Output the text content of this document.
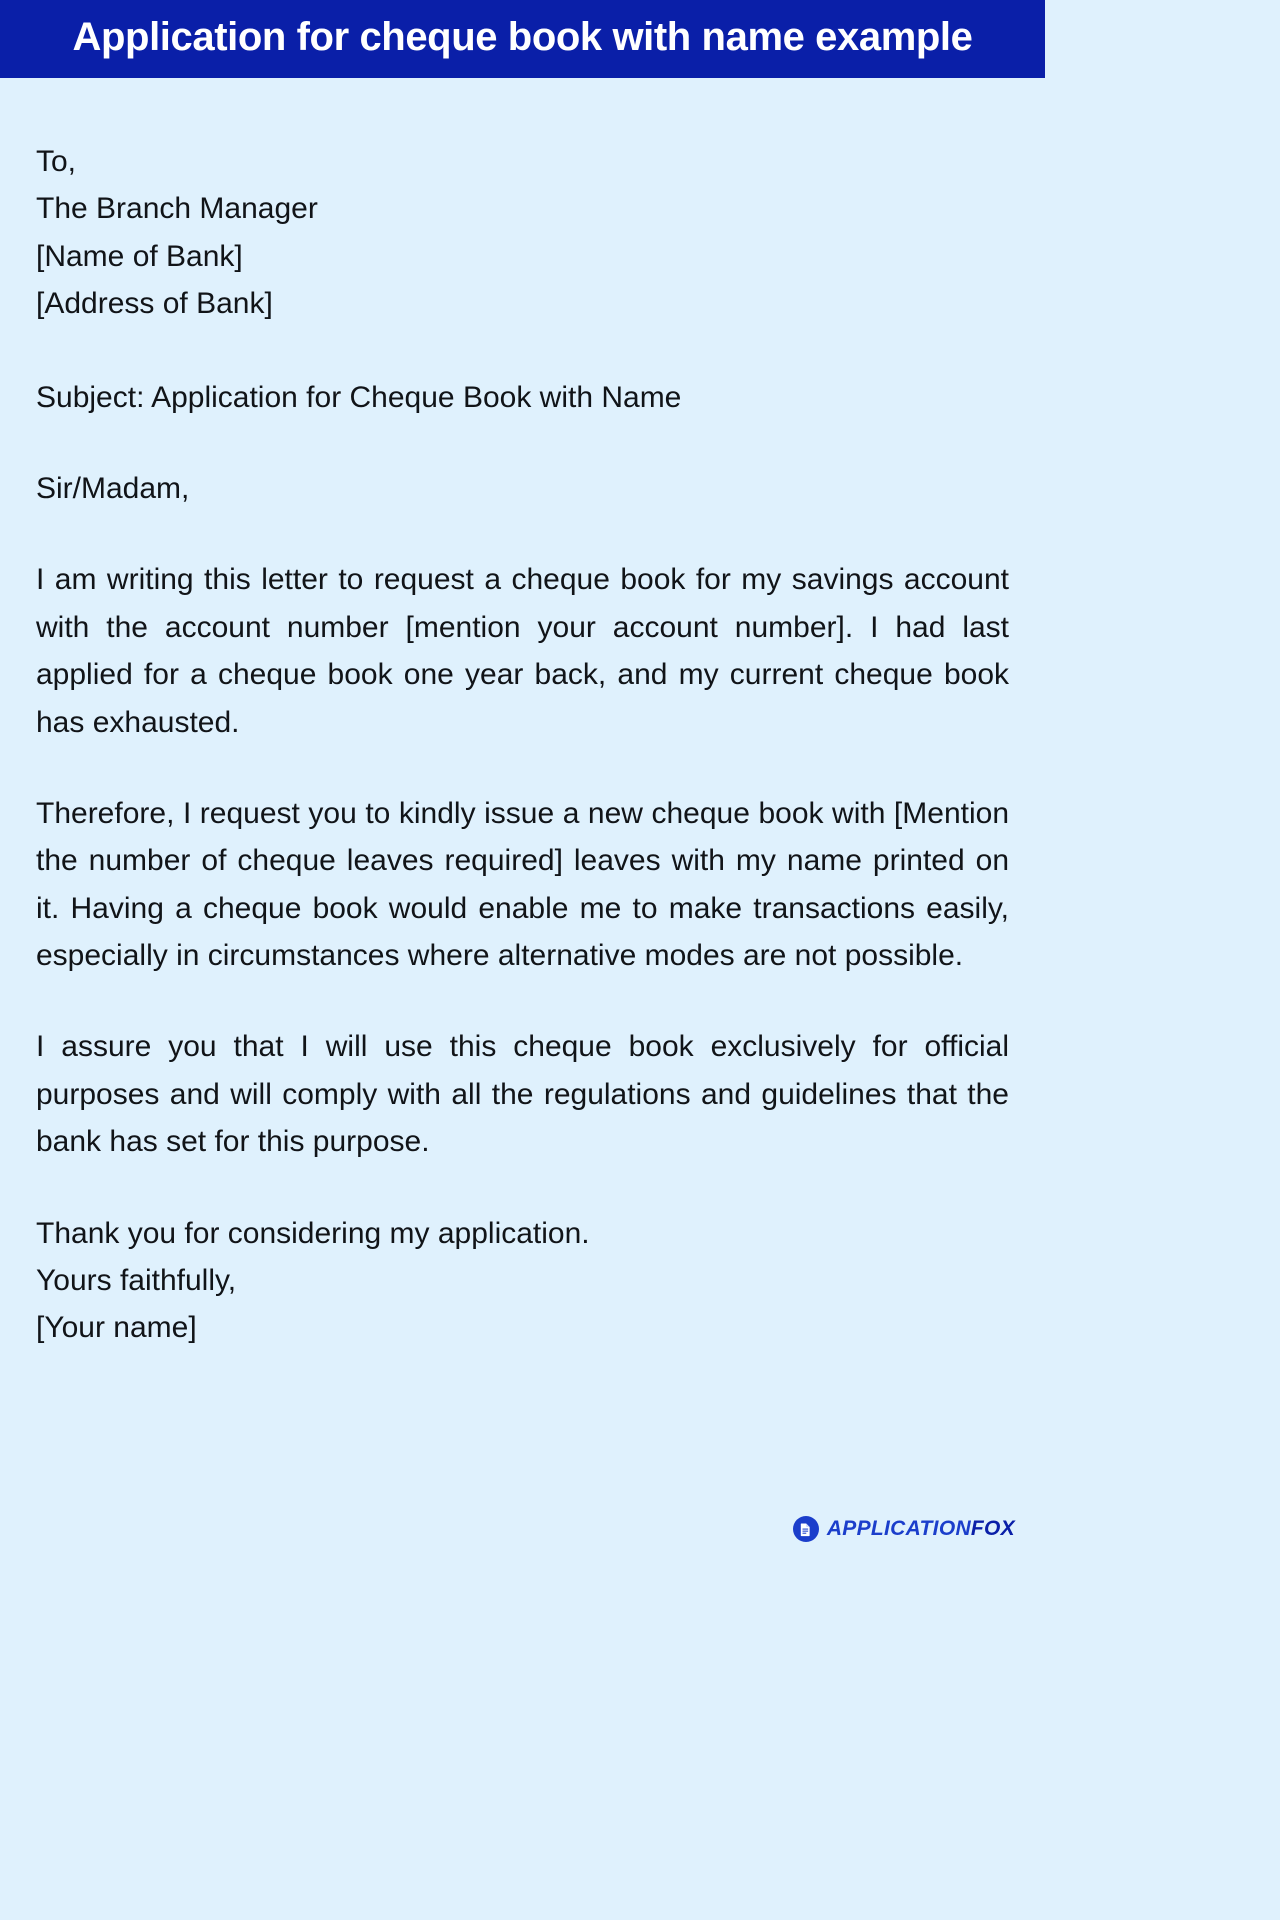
Application for cheque book with name example
To,
The Branch Manager
[Name of Bank]
[Address of Bank]
Subject: Application for Cheque Book with Name
Sir/Madam,

I am writing this letter to request a cheque book for my savings account with the account number [mention your account number]. I had last applied for a cheque book one year back, and my current cheque book has exhausted.

Therefore, I request you to kindly issue a new cheque book with [Mention the number of cheque leaves required] leaves with my name printed on it. Having a cheque book would enable me to make transactions easily, especially in circumstances where alternative modes are not possible.

I assure you that I will use this cheque book exclusively for official purposes and will comply with all the regulations and guidelines that the bank has set for this purpose.

Thank you for considering my application.
Yours faithfully,
[Your name]
APPLICATIONFOX
